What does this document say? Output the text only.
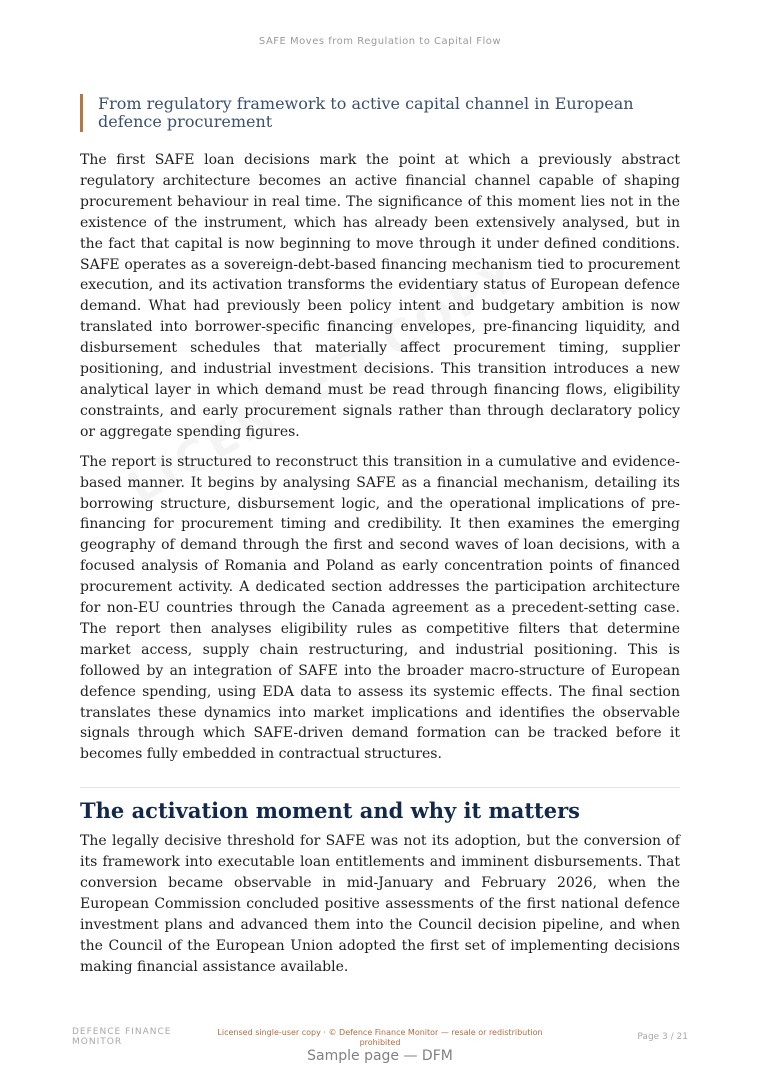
SAFE Moves from Regulation to Capital Flow
From regulatory framework to active capital channel in European defence procurement

The first SAFE loan decisions mark the point at which a previously abstract regulatory architecture becomes an active financial channel capable of shaping procurement behaviour in real time. The significance of this moment lies not in the existence of the instrument, which has already been extensively analysed, but in the fact that capital is now beginning to move through it under defined conditions. SAFE operates as a sovereign-debt-based financing mechanism tied to procurement execution, and its activation transforms the evidentiary status of European defence demand. What had previously been policy intent and budgetary ambition is now translated into borrower-specific financing envelopes, pre-financing liquidity, and disbursement schedules that materially affect procurement timing, supplier positioning, and industrial investment decisions. This transition introduces a new analytical layer in which demand must be read through financing flows, eligibility constraints, and early procurement signals rather than through declaratory policy or aggregate spending figures.

The report is structured to reconstruct this transition in a cumulative and evidence-based manner. It begins by analysing SAFE as a financial mechanism, detailing its borrowing structure, disbursement logic, and the operational implications of pre-financing for procurement timing and credibility. It then examines the emerging geography of demand through the first and second waves of loan decisions, with a focused analysis of Romania and Poland as early concentration points of financed procurement activity. A dedicated section addresses the participation architecture for non-EU countries through the Canada agreement as a precedent-setting case. The report then analyses eligibility rules as competitive filters that determine market access, supply chain restructuring, and industrial positioning. This is followed by an integration of SAFE into the broader macro-structure of European defence spending, using EDA data to assess its systemic effects. The final section translates these dynamics into market implications and identifies the observable signals through which SAFE-driven demand formation can be tracked before it becomes fully embedded in contractual structures.

The activation moment and why it matters

The legally decisive threshold for SAFE was not its adoption, but the conversion of its framework into executable loan entitlements and imminent disbursements. That conversion became observable in mid-January and February 2026, when the European Commission concluded positive assessments of the first national defence investment plans and advanced them into the Council decision pipeline, and when the Council of the European Union adopted the first set of implementing decisions making financial assistance available.

DEFENCE FINANCE MONITOR
Licensed single-user copy · © Defence Finance Monitor — resale or redistribution prohibited
Page 3 / 21
Sample page — DFM
